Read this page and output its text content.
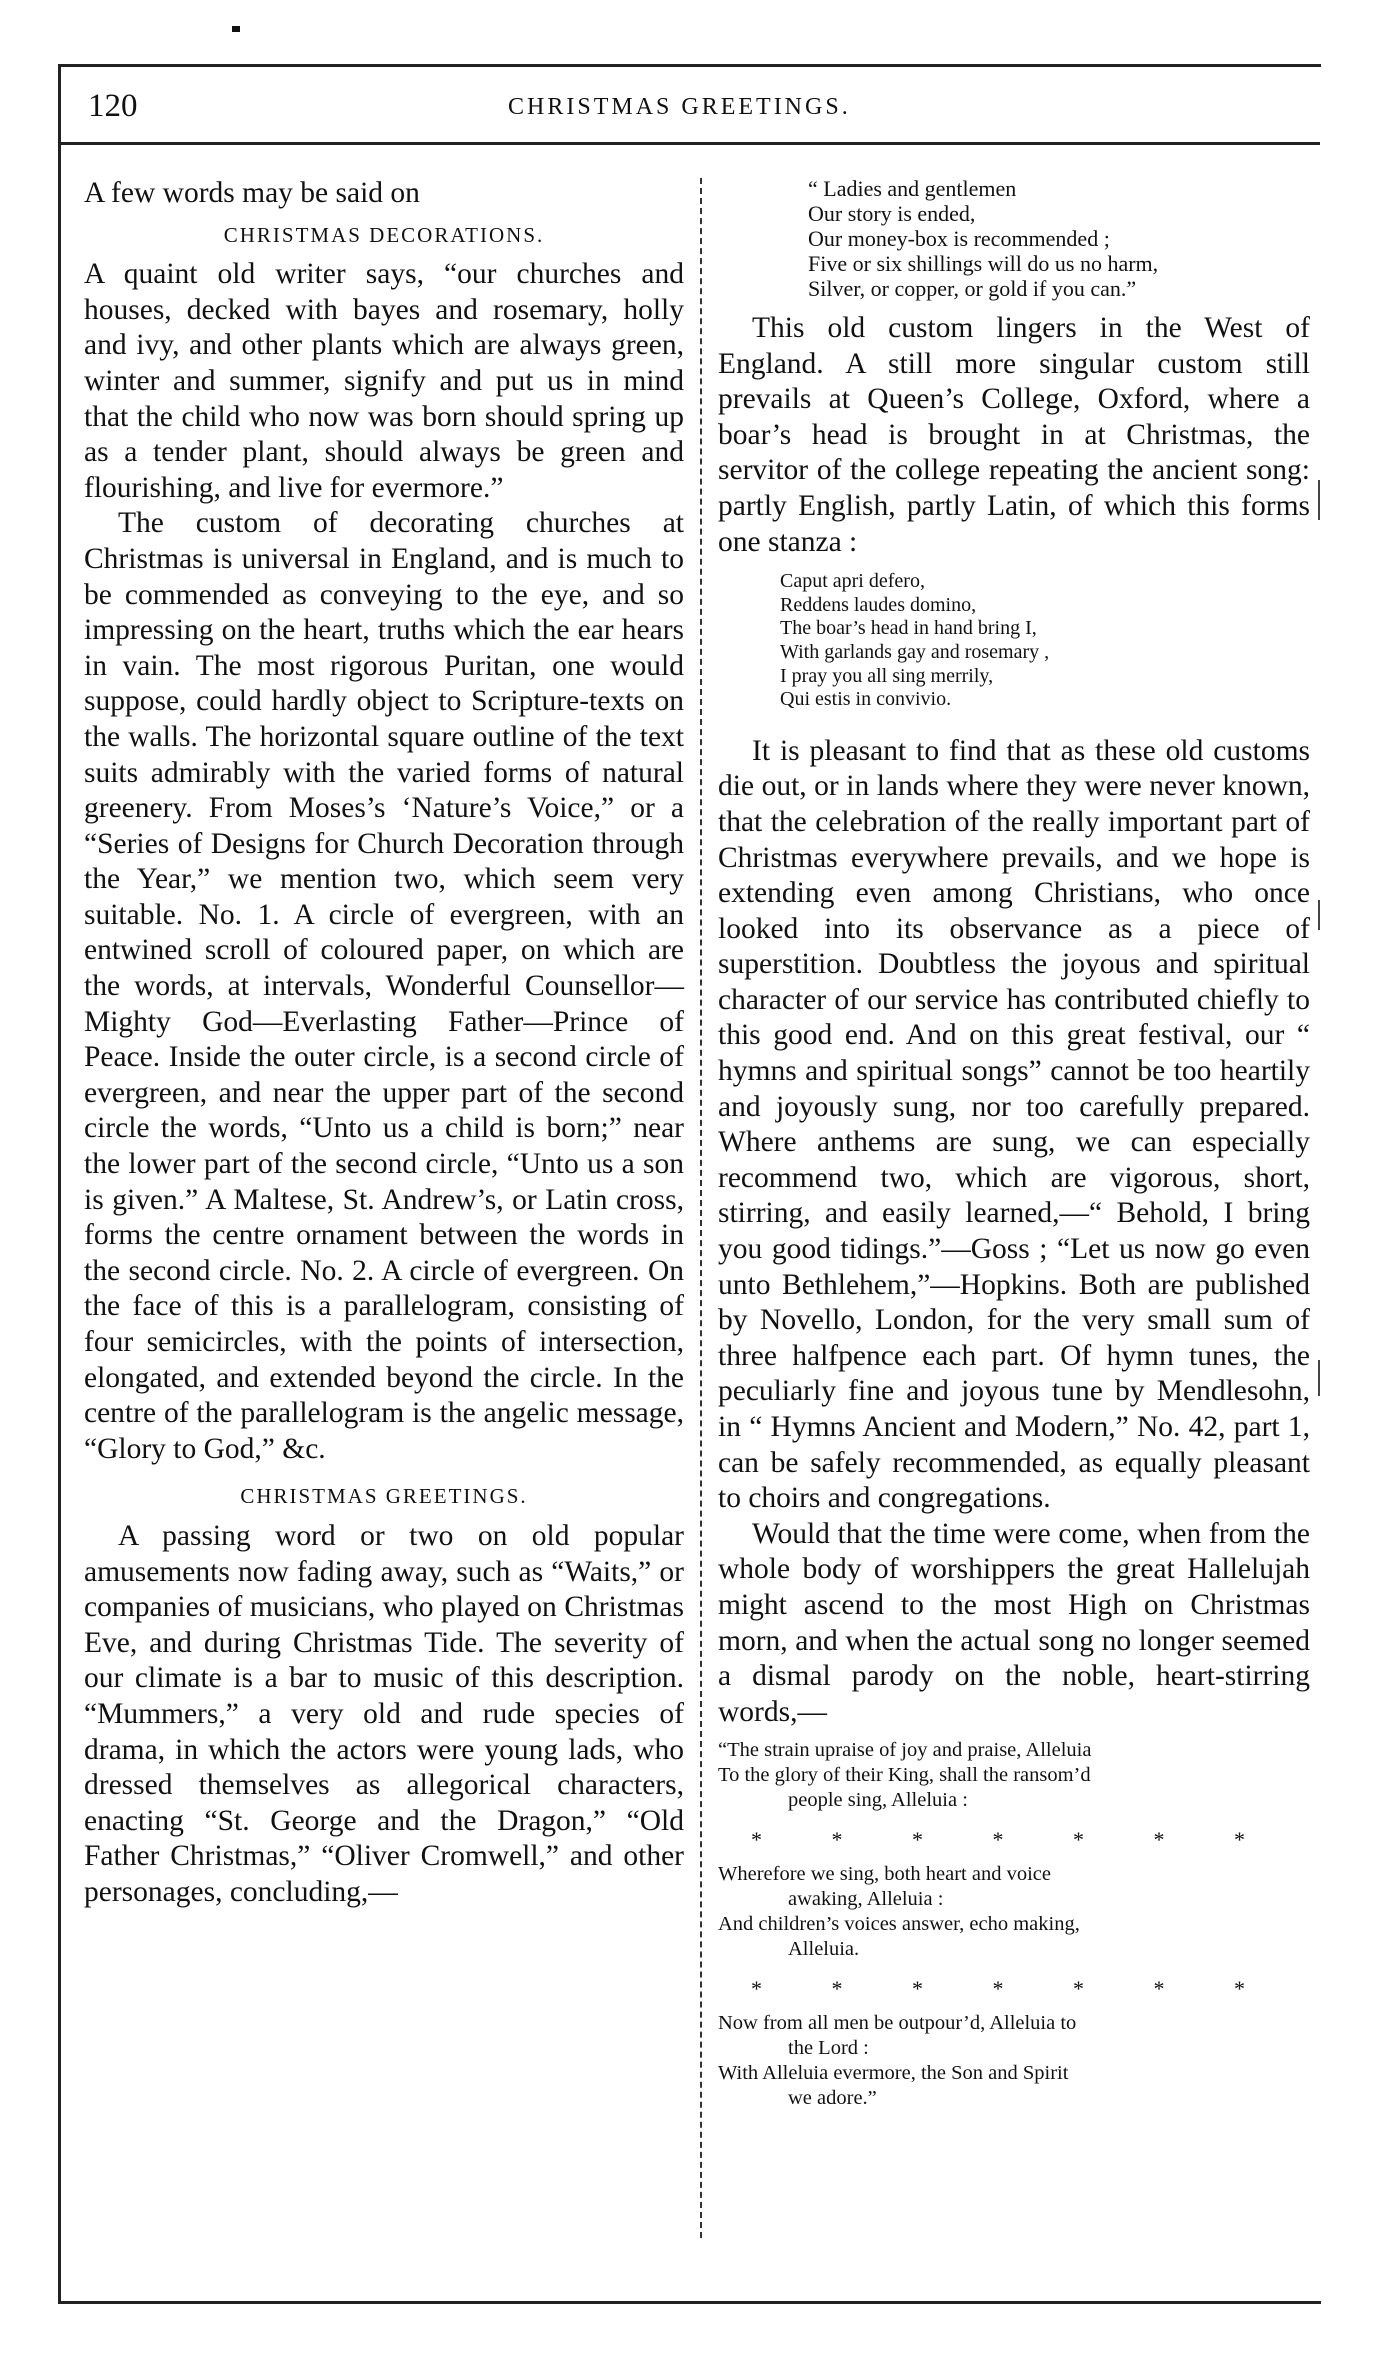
120	CHRISTMAS GREETINGS.

A few words may be said on

CHRISTMAS DECORATIONS.

A quaint old writer says, “our churches and houses, decked with bayes and rosemary, holly and ivy, and other plants which are always green, winter and summer, signify and put us in mind that the child who now was born should spring up as a tender plant, should always be green and flourishing, and live for evermore.”

The custom of decorating churches at Christmas is universal in England, and is much to be commended as conveying to the eye, and so impressing on the heart, truths which the ear hears in vain. The most rigorous Puritan, one would suppose, could hardly object to Scripture-texts on the walls. The horizontal square outline of the text suits admirably with the varied forms of natural greenery. From Moses’s ‘Nature’s Voice,” or a “Series of Designs for Church Decoration through the Year,” we mention two, which seem very suitable. No. 1. A circle of evergreen, with an entwined scroll of coloured paper, on which are the words, at intervals, Wonderful Counsellor—Mighty God—Everlasting Father—Prince of Peace. Inside the outer circle, is a second circle of evergreen, and near the upper part of the second circle the words, “Unto us a child is born;” near the lower part of the second circle, “Unto us a son is given.” A Maltese, St. Andrew’s, or Latin cross, forms the centre ornament between the words in the second circle. No. 2. A circle of evergreen. On the face of this is a parallelogram, consisting of four semicircles, with the points of intersection, elongated, and extended beyond the circle. In the centre of the parallelogram is the angelic message, “Glory to God,” &c.

CHRISTMAS GREETINGS.

A passing word or two on old popular amusements now fading away, such as “Waits,” or companies of musicians, who played on Christmas Eve, and during Christmas Tide. The severity of our climate is a bar to music of this description. “Mummers,” a very old and rude species of drama, in which the actors were young lads, who dressed themselves as allegorical characters, enacting “St. George and the Dragon,” “Old Father Christmas,” “Oliver Cromwell,” and other personages, concluding,—

“ Ladies and gentlemen
Our story is ended,
Our money-box is recommended ;
Five or six shillings will do us no harm,
Silver, or copper, or gold if you can.”

This old custom lingers in the West of England. A still more singular custom still prevails at Queen’s College, Oxford, where a boar’s head is brought in at Christmas, the servitor of the college repeating the ancient song: partly English, partly Latin, of which this forms one stanza :

Caput apri defero,
Reddens laudes domino,
The boar’s head in hand bring I,
With garlands gay and rosemary ,
I pray you all sing merrily,
Qui estis in convivio.

It is pleasant to find that as these old customs die out, or in lands where they were never known, that the celebration of the really important part of Christmas everywhere prevails, and we hope is extending even among Christians, who once looked into its observance as a piece of superstition. Doubtless the joyous and spiritual character of our service has contributed chiefly to this good end. And on this great festival, our “ hymns and spiritual songs” cannot be too heartily and joyously sung, nor too carefully prepared. Where anthems are sung, we can especially recommend two, which are vigorous, short, stirring, and easily learned,—“ Behold, I bring you good tidings.”—Goss ; “Let us now go even unto Bethlehem,”—Hopkins. Both are published by Novello, London, for the very small sum of three halfpence each part. Of hymn tunes, the peculiarly fine and joyous tune by Mendlesohn, in “ Hymns Ancient and Modern,” No. 42, part 1, can be safely recommended, as equally pleasant to choirs and congregations.

Would that the time were come, when from the whole body of worshippers the great Hallelujah might ascend to the most High on Christmas morn, and when the actual song no longer seemed a dismal parody on the noble, heart-stirring words,—

“The strain upraise of joy and praise, Alleluia
To the glory of their King, shall the ransom’d
people sing, Alleluia :
* * * * * * *
Wherefore we sing, both heart and voice
awaking, Alleluia :
And children’s voices answer, echo making,
Alleluia.
* * * * * * *
Now from all men be outpour’d, Alleluia to
the Lord :
With Alleluia evermore, the Son and Spirit
we adore.”
